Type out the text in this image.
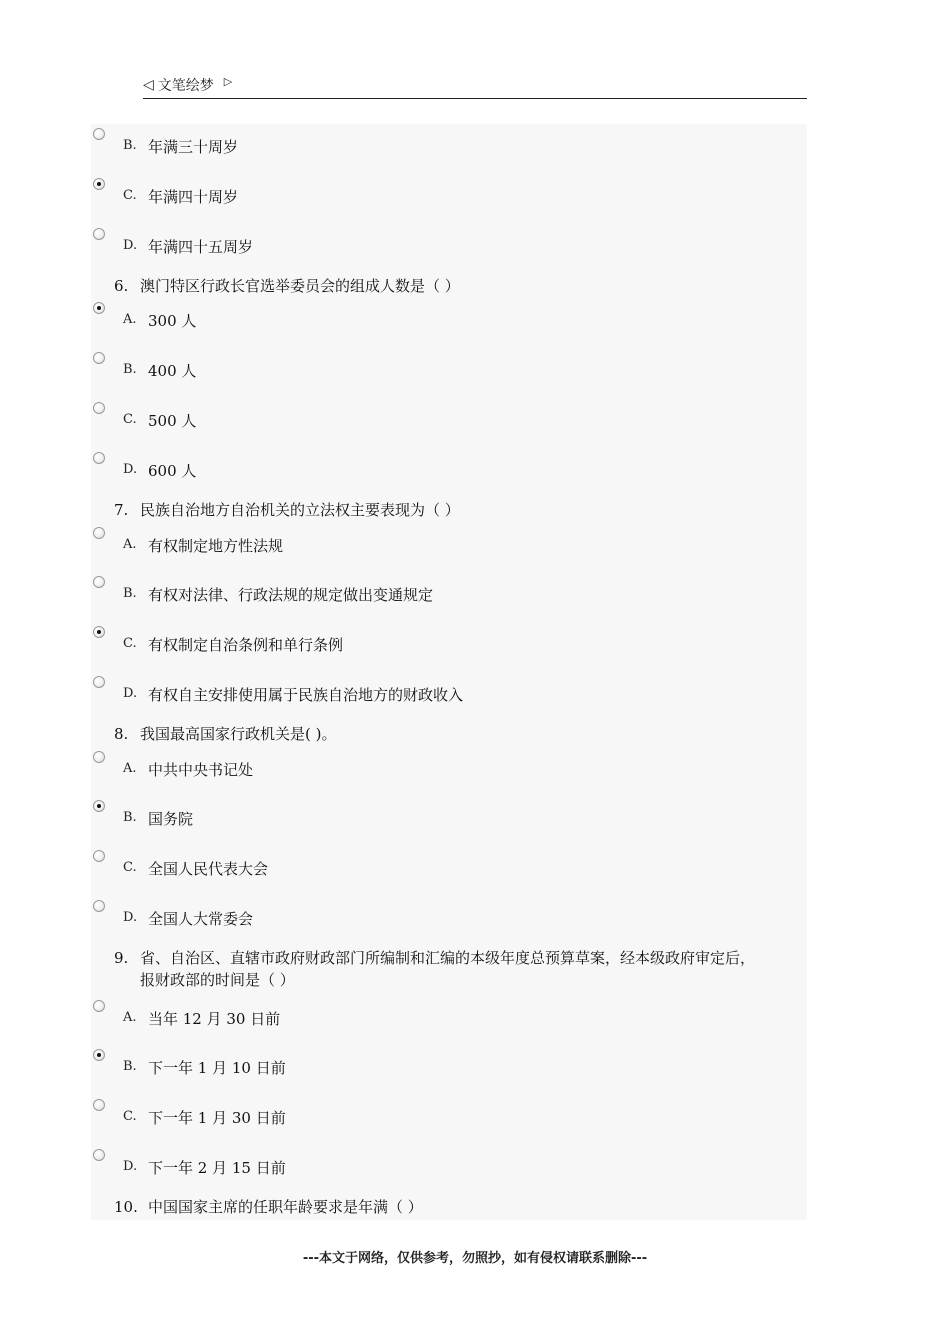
◁ 文笔绘梦 ▷
B. 年满三十周岁
C. 年满四十周岁
D. 年满四十五周岁
6. 澳门特区行政长官选举委员会的组成人数是（ ）
A. 300 人
B. 400 人
C. 500 人
D. 600 人
7. 民族自治地方自治机关的立法权主要表现为（ ）
A. 有权制定地方性法规
B. 有权对法律、行政法规的规定做出变通规定
C. 有权制定自治条例和单行条例
D. 有权自主安排使用属于民族自治地方的财政收入
8. 我国最高国家行政机关是( )。
A. 中共中央书记处
B. 国务院
C. 全国人民代表大会
D. 全国人大常委会
9. 省、自治区、直辖市政府财政部门所编制和汇编的本级年度总预算草案，经本级政府审定后，
报财政部的时间是（ ）
A. 当年 12 月 30 日前
B. 下一年 1 月 10 日前
C. 下一年 1 月 30 日前
D. 下一年 2 月 15 日前
10. 中国国家主席的任职年龄要求是年满（ ）
---本文于网络，仅供参考，勿照抄，如有侵权请联系删除---
